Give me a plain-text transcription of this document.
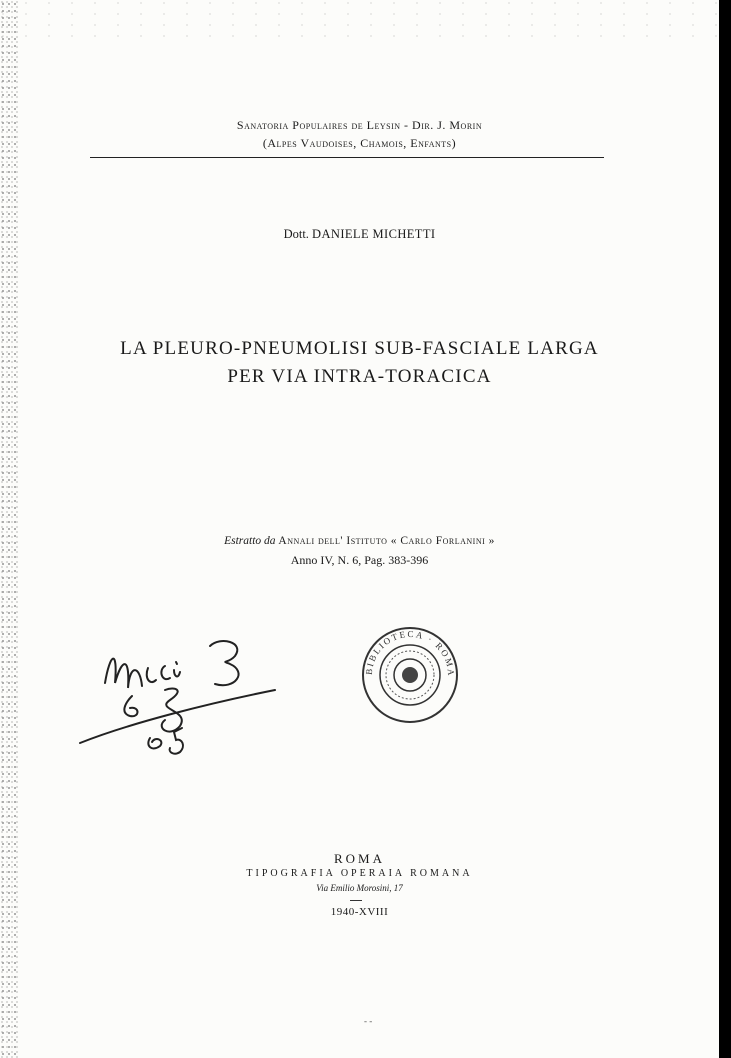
Sanatoria Populaires de Leysin - Dir. J. Morin
(Alpes Vaudoises, Chamois, Enfants)
Dott. DANIELE MICHETTI
LA PLEURO-PNEUMOLISI SUB-FASCIALE LARGA
PER VIA INTRA-TORACICA
Estratto da Annali dell' Istituto « Carlo Forlanini »
Anno IV, N. 6, Pag. 383-396
BIBLIOTECA · ROMA
ROMA
TIPOGRAFIA OPERAIA ROMANA
Via Emilio Morosini, 17
1940-XVIII
- -
